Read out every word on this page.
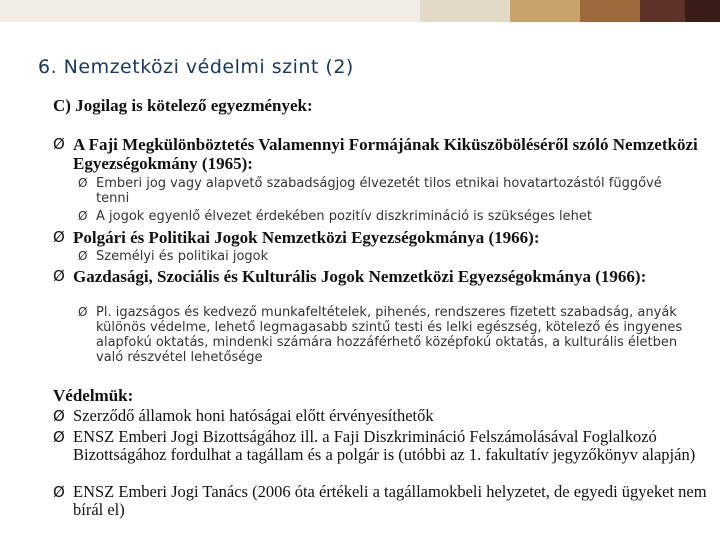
6. Nemzetközi védelmi szint (2)
C) Jogilag is kötelező egyezmények:
Ø A Faji Megkülönböztetés Valamennyi Formájának Kiküszöböléséről szóló Nemzetközi Egyezségokmány (1965):
Ø Emberi jog vagy alapvető szabadságjog élvezetét tilos etnikai hovatartozástól függővé tenni
Ø A jogok egyenlő élvezet érdekében pozitív diszkrimináció is szükséges lehet
Ø Polgári és Politikai Jogok Nemzetközi Egyezségokmánya (1966):
Ø Személyi és politikai jogok
Ø Gazdasági, Szociális és Kulturális Jogok Nemzetközi Egyezségokmánya (1966):
Ø Pl. igazságos és kedvező munkafeltételek, pihenés, rendszeres fizetett szabadság, anyák különös védelme, lehető legmagasabb szintű testi és lelki egészség, kötelező és ingyenes alapfokú oktatás, mindenki számára hozzáférhető középfokú oktatás, a kulturális életben való részvétel lehetősége
Védelmük:
Ø Szerződő államok honi hatóságai előtt érvényesíthetők
Ø ENSZ Emberi Jogi Bizottságához ill. a Faji Diszkrimináció Felszámolásával Foglalkozó Bizottságához fordulhat a tagállam és a polgár is (utóbbi az 1. fakultatív jegyzőkönyv alapján)
Ø ENSZ Emberi Jogi Tanács (2006 óta értékeli a tagállamokbeli helyzetet, de egyedi ügyeket nem bírál el)
